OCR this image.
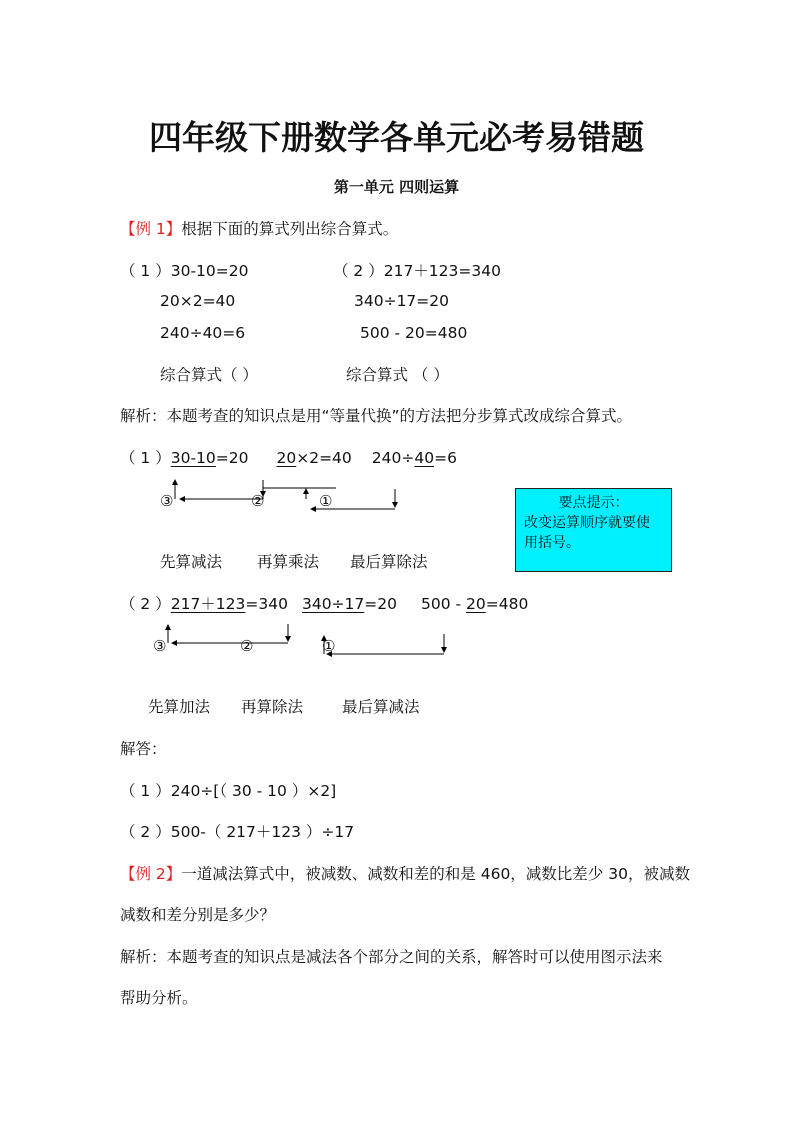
四年级下册数学各单元必考易错题
第一单元 四则运算
【例 1】根据下面的算式列出综合算式。
（ 1 ）30-10=20
20×2=40
240÷40=6
（ 2 ）217＋123=340
340÷17=20
500 - 20=480
综合算式（ ）	综合算式 （ ）
解析：本题考查的知识点是用“等量代换”的方法把分步算式改成综合算式。
（ 1 ）30-10=20 20×2=40 240÷40=6
③	②	①	要点提示：
改变运算顺序就要使用括号。
先算减法 再算乘法 最后算除法
（ 2 ）217＋123=340 340÷17=20 500 - 20=480
③	②	①
先算加法 再算除法	最后算减法
解答：
（ 1 ）240÷[（ 30 - 10 ）×2]
（ 2 ）500-（ 217＋123 ）÷17
【例 2】一道减法算式中，被减数、减数和差的和是 460，减数比差少 30，被减数
减数和差分别是多少？
解析：本题考查的知识点是减法各个部分之间的关系，解答时可以使用图示法来
帮助分析。
